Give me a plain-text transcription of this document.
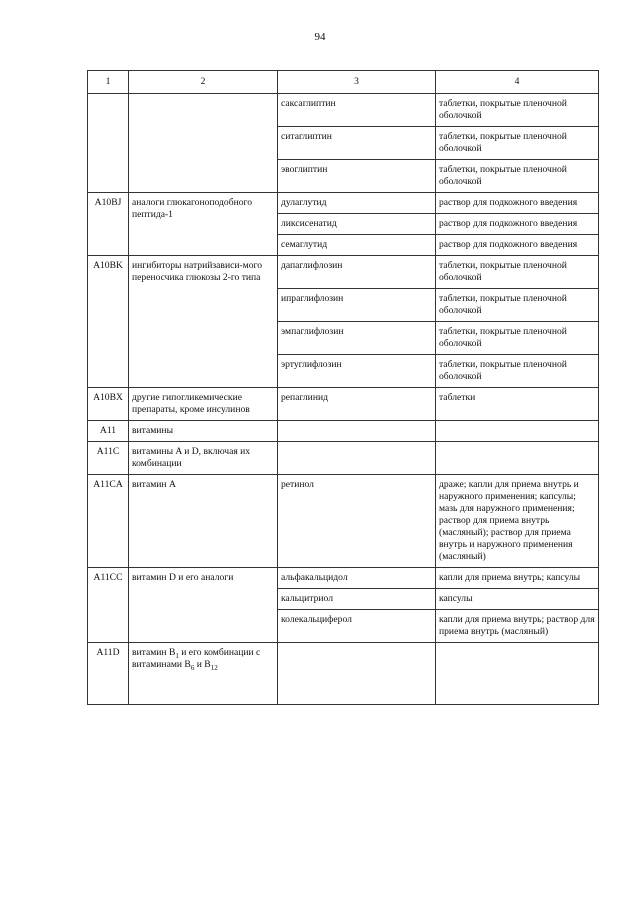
94
1	2	3	4
		саксаглиптин	таблетки, покрытые пленочной оболочкой
		ситаглиптин	таблетки, покрытые пленочной оболочкой
		эвоглиптин	таблетки, покрытые пленочной оболочкой
A10BJ	аналоги глюкагоноподобного пептида-1	дулаглутид	раствор для подкожного введения
		ликсисенатид	раствор для подкожного введения
		семаглутид	раствор для подкожного введения
A10BK	ингибиторы натрийзависи-мого переносчика глюкозы 2-го типа	дапаглифлозин	таблетки, покрытые пленочной оболочкой
		ипраглифлозин	таблетки, покрытые пленочной оболочкой
		эмпаглифлозин	таблетки, покрытые пленочной оболочкой
		эртуглифлозин	таблетки, покрытые пленочной оболочкой
A10BX	другие гипогликемические препараты, кроме инсулинов	репаглинид	таблетки
A11	витамины		
A11C	витамины A и D, включая их комбинации		
A11CA	витамин A	ретинол	драже; капли для приема внутрь и наружного применения; капсулы; мазь для наружного применения; раствор для приема внутрь (масляный); раствор для приема внутрь и наружного применения (масляный)
A11CC	витамин D и его аналоги	альфакальцидол	капли для приема внутрь; капсулы
		кальцитриол	капсулы
		колекальциферол	капли для приема внутрь; раствор для приема внутрь (масляный)
A11D	витамин $B_1$ и его комбинации с витаминами $B_6$ и $B_{12}$		
